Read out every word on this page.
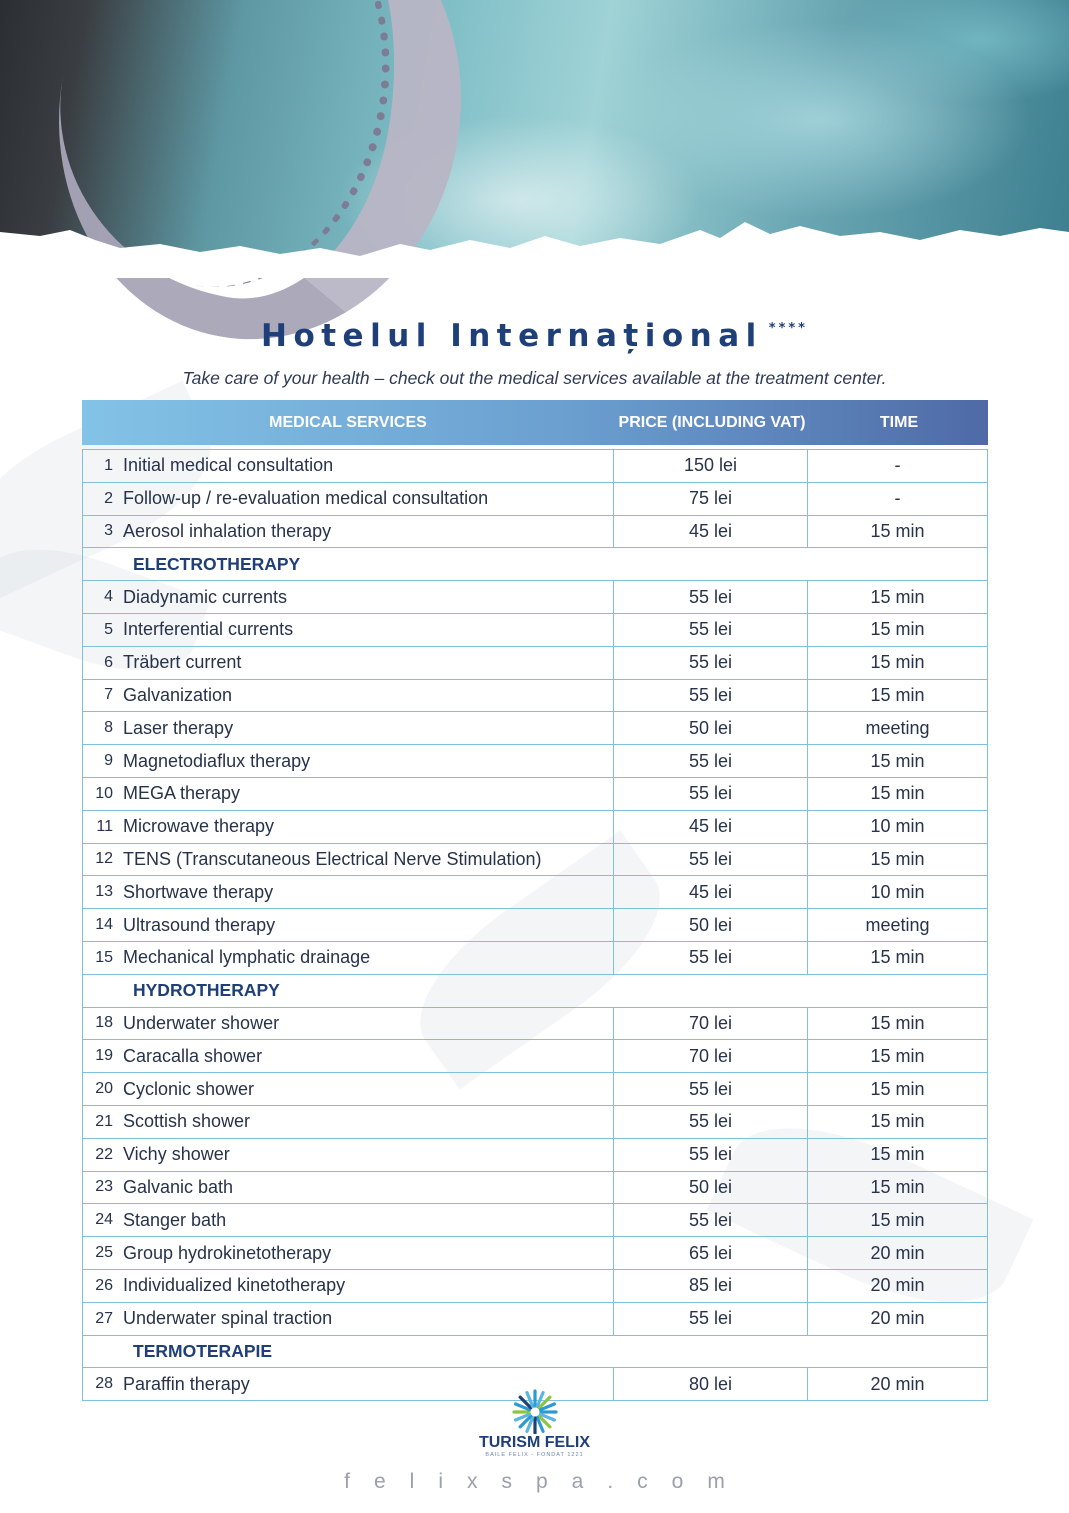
Hotelul Internațional ****
Take care of your health – check out the medical services available at the treatment center.
MEDICAL SERVICES	PRICE (INCLUDING VAT)	TIME
1 Initial medical consultation	150 lei	-
2 Follow-up / re-evaluation medical consultation	75 lei	-
3 Aerosol inhalation therapy	45 lei	15 min
ELECTROTHERAPY
4 Diadynamic currents	55 lei	15 min
5 Interferential currents	55 lei	15 min
6 Träbert current	55 lei	15 min
7 Galvanization	55 lei	15 min
8 Laser therapy	50 lei	meeting
9 Magnetodiaflux therapy	55 lei	15 min
10 MEGA therapy	55 lei	15 min
11 Microwave therapy	45 lei	10 min
12 TENS (Transcutaneous Electrical Nerve Stimulation)	55 lei	15 min
13 Shortwave therapy	45 lei	10 min
14 Ultrasound therapy	50 lei	meeting
15 Mechanical lymphatic drainage	55 lei	15 min
HYDROTHERAPY
18 Underwater shower	70 lei	15 min
19 Caracalla shower	70 lei	15 min
20 Cyclonic shower	55 lei	15 min
21 Scottish shower	55 lei	15 min
22 Vichy shower	55 lei	15 min
23 Galvanic bath	50 lei	15 min
24 Stanger bath	55 lei	15 min
25 Group hydrokinetotherapy	65 lei	20 min
26 Individualized kinetotherapy	85 lei	20 min
27 Underwater spinal traction	55 lei	20 min
TERMOTERAPIE
28 Paraffin therapy	80 lei	20 min
TURISM FELIX
BAILE FELIX - FONDAT 1221
felixspa.com
